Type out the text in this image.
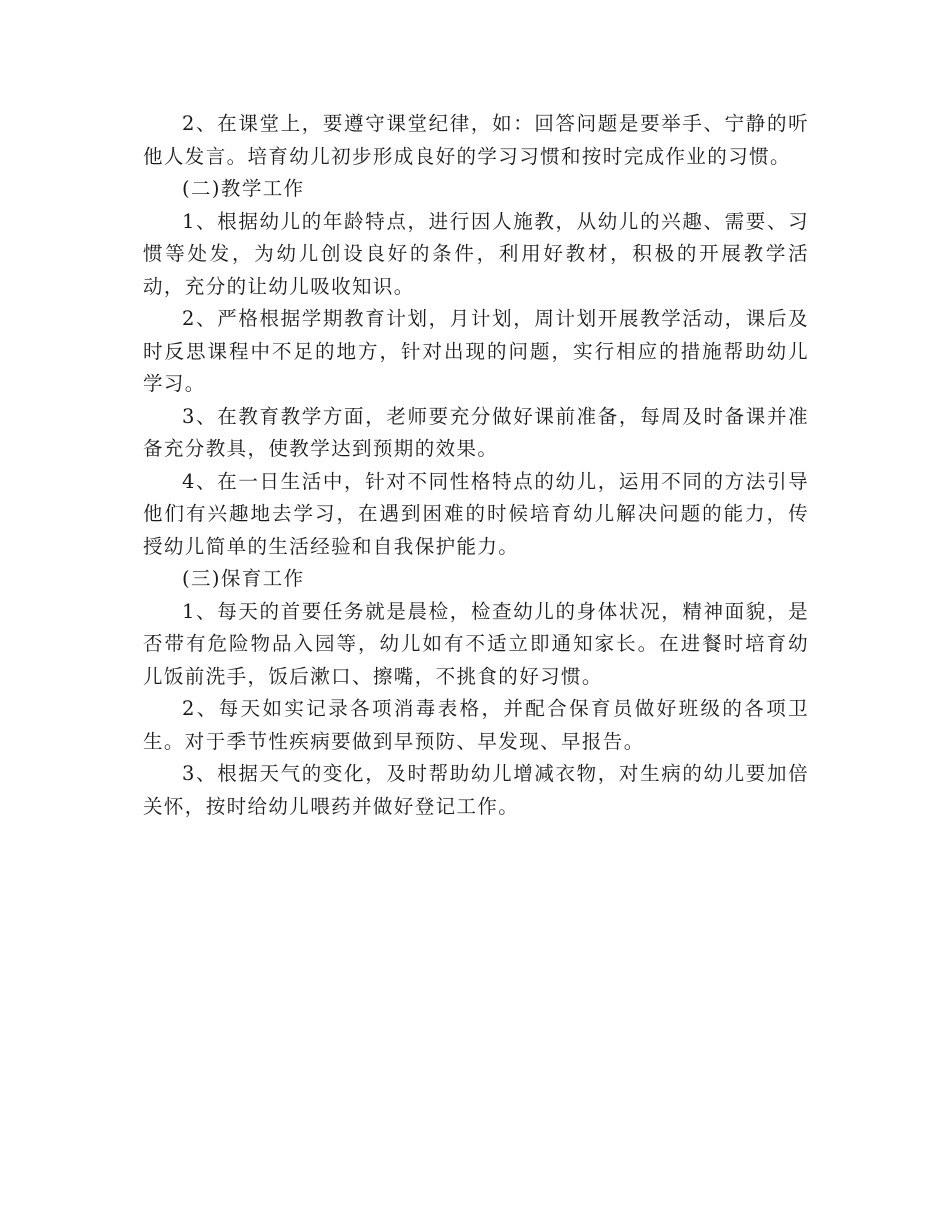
2、在课堂上，要遵守课堂纪律，如：回答问题是要举手、宁静的听他人发言。培育幼儿初步形成良好的学习习惯和按时完成作业的习惯。

(二)教学工作

1、根据幼儿的年龄特点，进行因人施教，从幼儿的兴趣、需要、习惯等处发，为幼儿创设良好的条件，利用好教材，积极的开展教学活动，充分的让幼儿吸收知识。

2、严格根据学期教育计划，月计划，周计划开展教学活动，课后及时反思课程中不足的地方，针对出现的问题，实行相应的措施帮助幼儿学习。

3、在教育教学方面，老师要充分做好课前准备，每周及时备课并准备充分教具，使教学达到预期的效果。

4、在一日生活中，针对不同性格特点的幼儿，运用不同的方法引导他们有兴趣地去学习，在遇到困难的时候培育幼儿解决问题的能力，传授幼儿简单的生活经验和自我保护能力。

(三)保育工作

1、每天的首要任务就是晨检，检查幼儿的身体状况，精神面貌，是否带有危险物品入园等，幼儿如有不适立即通知家长。在进餐时培育幼儿饭前洗手，饭后漱口、擦嘴，不挑食的好习惯。

2、每天如实记录各项消毒表格，并配合保育员做好班级的各项卫生。对于季节性疾病要做到早预防、早发现、早报告。

3、根据天气的变化，及时帮助幼儿增减衣物，对生病的幼儿要加倍关怀，按时给幼儿喂药并做好登记工作。
